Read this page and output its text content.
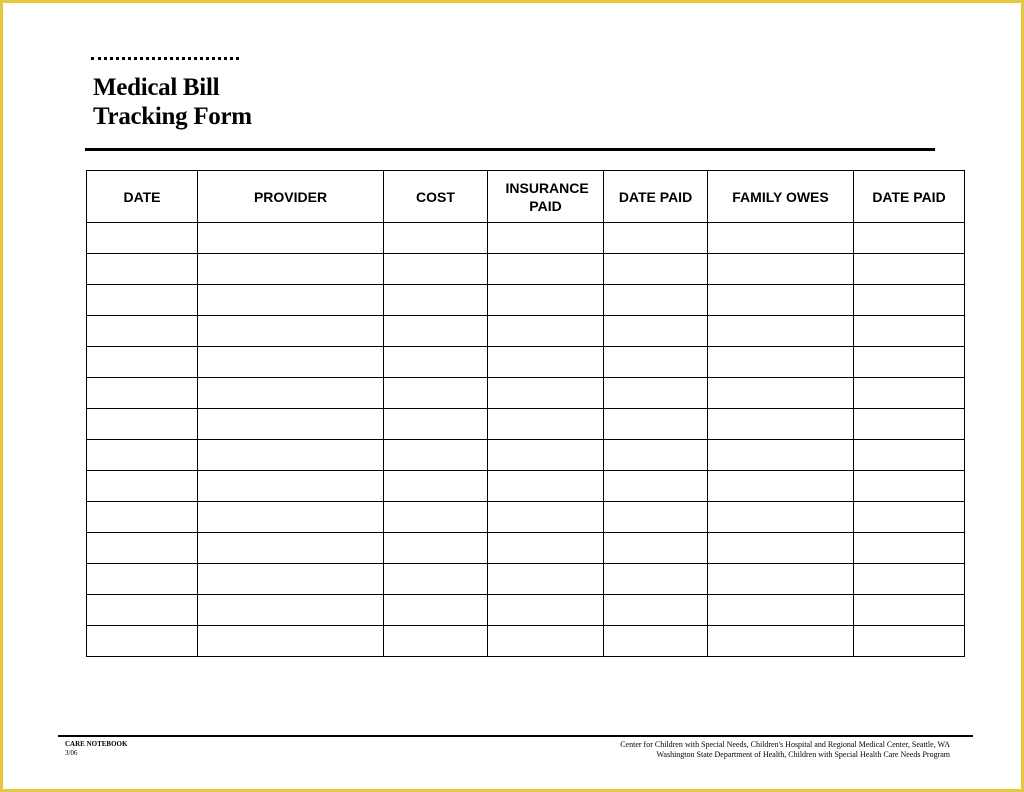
Medical Bill
Tracking Form
DATE	PROVIDER	COST	INSURANCE PAID	DATE PAID	FAMILY OWES	DATE PAID

CARE NOTEBOOK
3/06
Center for Children with Special Needs, Children's Hospital and Regional Medical Center, Seattle, WA
Washington State Department of Health, Children with Special Health Care Needs Program
